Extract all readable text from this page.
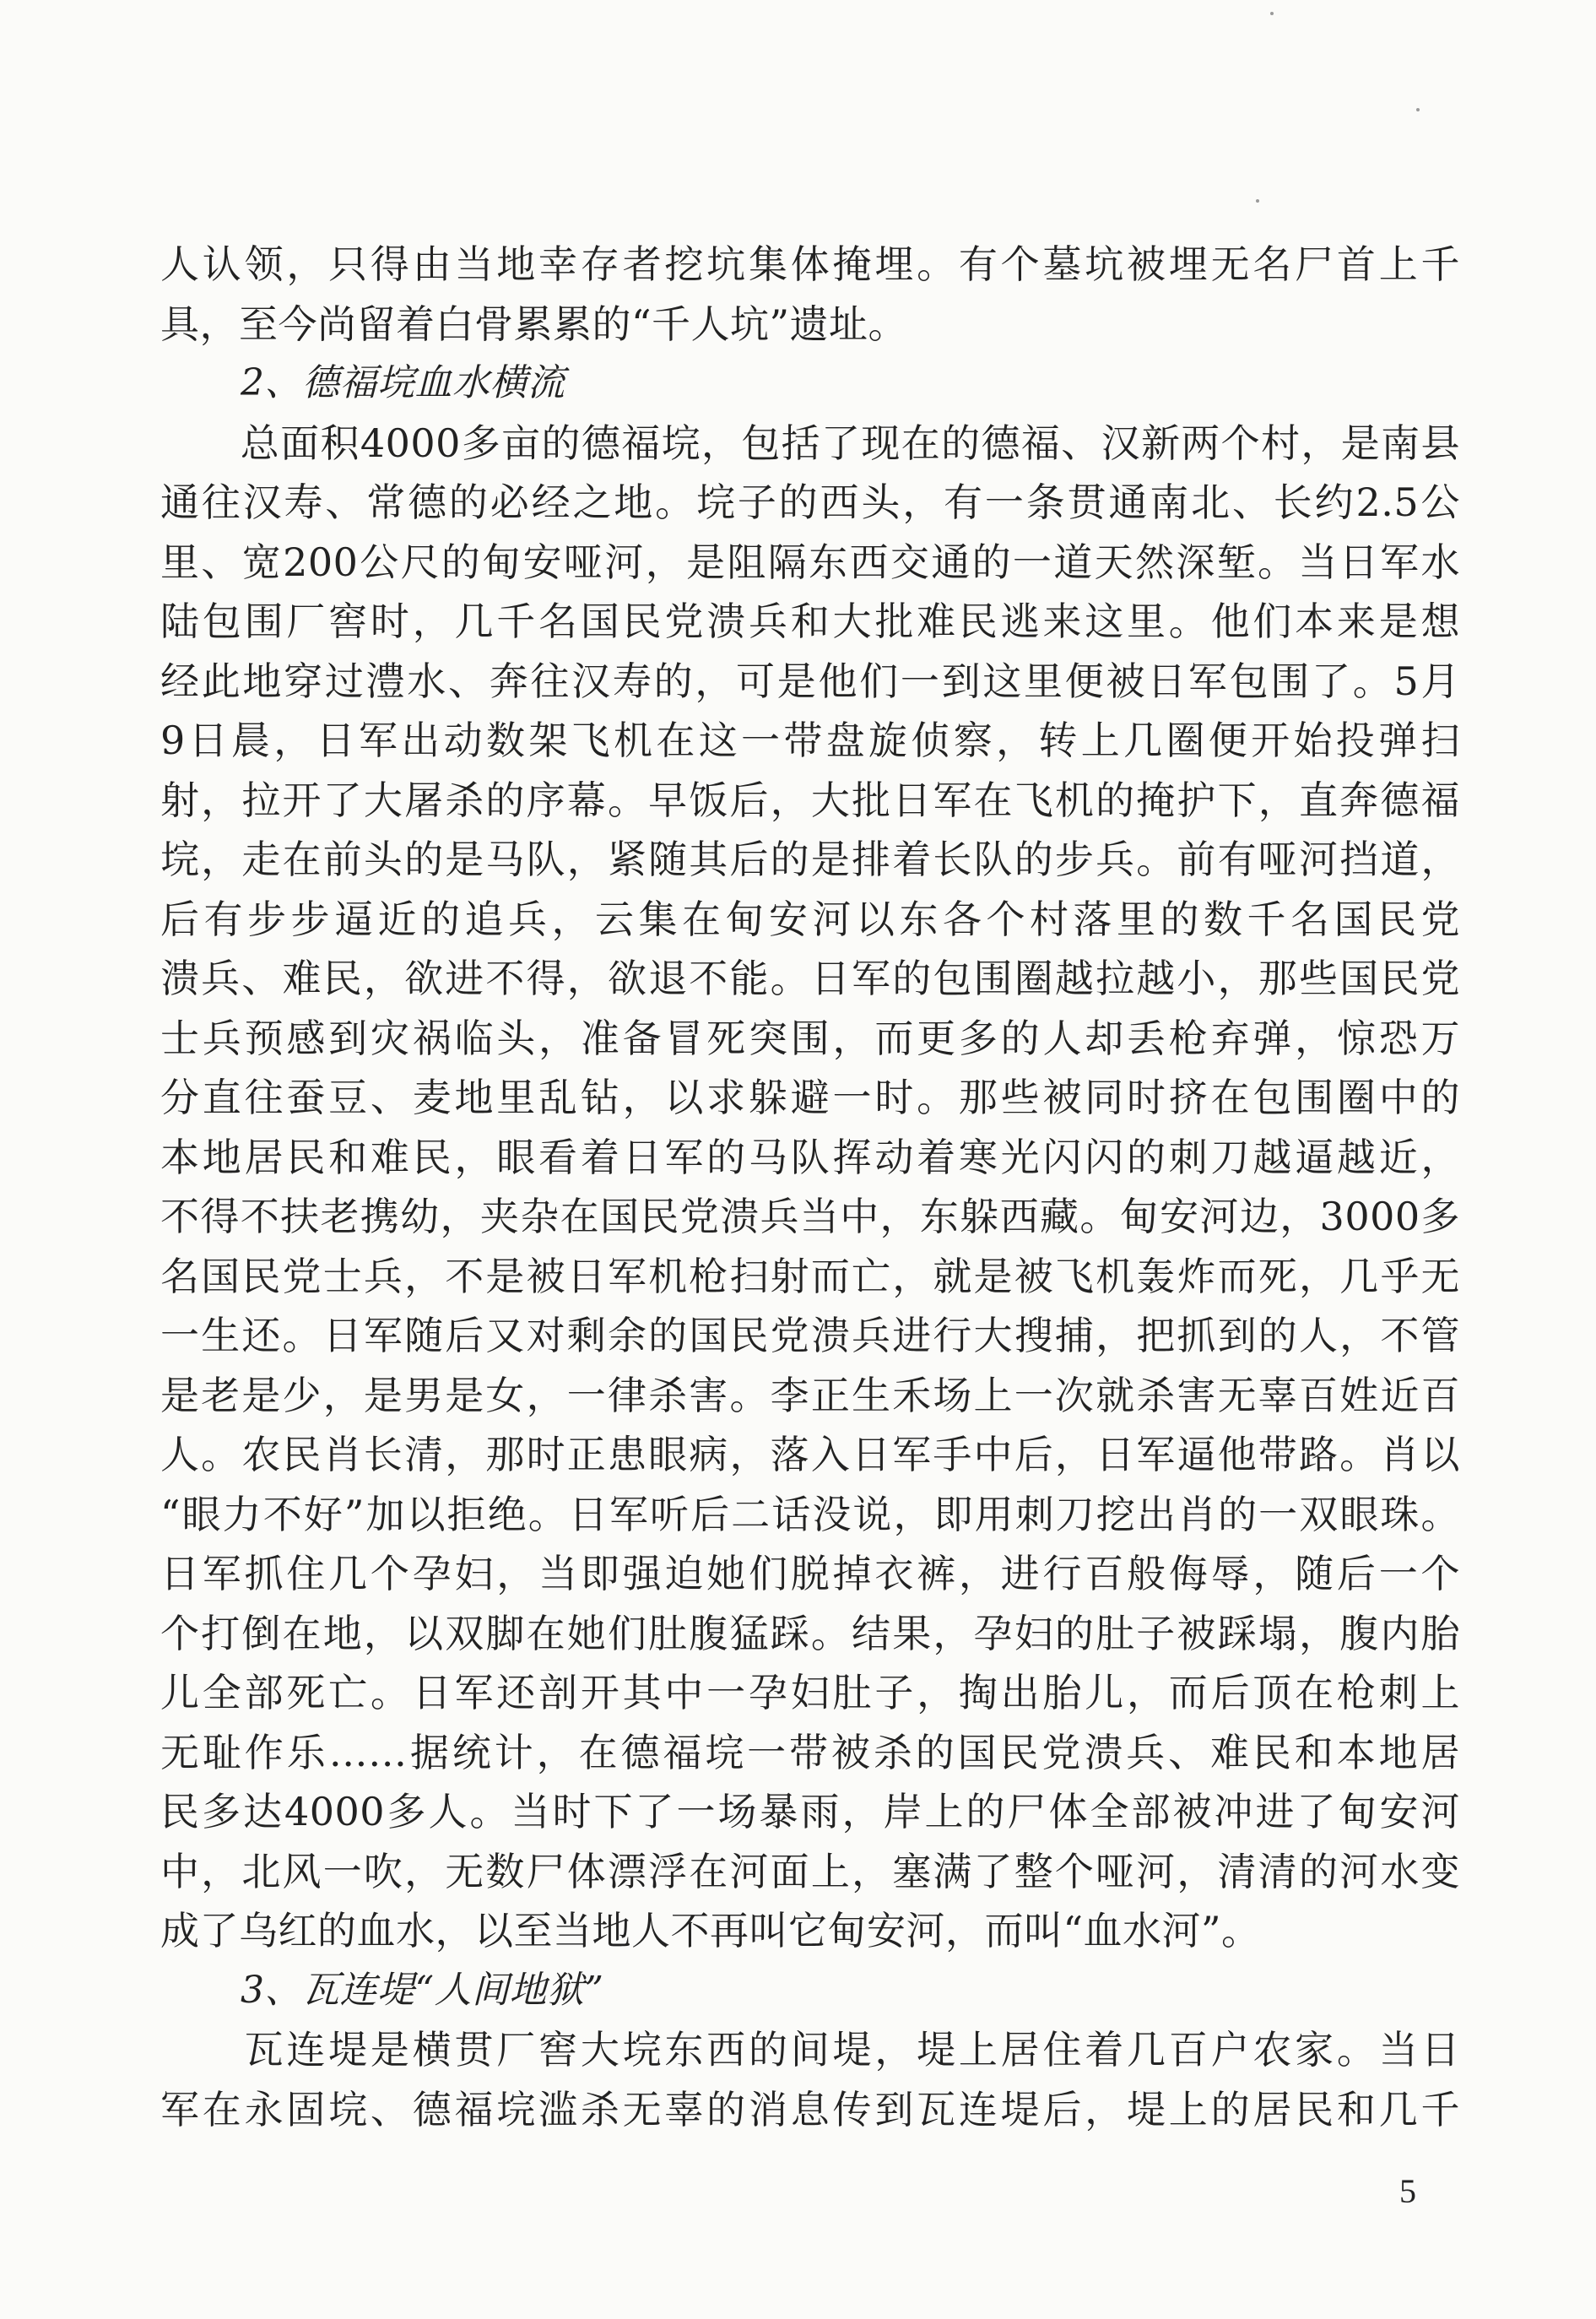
人认领，只得由当地幸存者挖坑集体掩埋。有个墓坑被埋无名尸首上千
具，至今尚留着白骨累累的“千人坑”遗址。
2、德福垸血水横流
　　总面积4000多亩的德福垸，包括了现在的德福、汉新两个村，是南县
通往汉寿、常德的必经之地。垸子的西头，有一条贯通南北、长约2.5公
里、宽200公尺的甸安哑河，是阻隔东西交通的一道天然深堑。当日军水
陆包围厂窖时，几千名国民党溃兵和大批难民逃来这里。他们本来是想
经此地穿过澧水、奔往汉寿的，可是他们一到这里便被日军包围了。5月
9日晨，日军出动数架飞机在这一带盘旋侦察，转上几圈便开始投弹扫
射，拉开了大屠杀的序幕。早饭后，大批日军在飞机的掩护下，直奔德福
垸，走在前头的是马队，紧随其后的是排着长队的步兵。前有哑河挡道，
后有步步逼近的追兵，云集在甸安河以东各个村落里的数千名国民党
溃兵、难民，欲进不得，欲退不能。日军的包围圈越拉越小，那些国民党
士兵预感到灾祸临头，准备冒死突围，而更多的人却丢枪弃弹，惊恐万
分直往蚕豆、麦地里乱钻，以求躲避一时。那些被同时挤在包围圈中的
本地居民和难民，眼看着日军的马队挥动着寒光闪闪的刺刀越逼越近，
不得不扶老携幼，夹杂在国民党溃兵当中，东躲西藏。甸安河边，3000多
名国民党士兵，不是被日军机枪扫射而亡，就是被飞机轰炸而死，几乎无
一生还。日军随后又对剩余的国民党溃兵进行大搜捕，把抓到的人，不管
是老是少，是男是女，一律杀害。李正生禾场上一次就杀害无辜百姓近百
人。农民肖长清，那时正患眼病，落入日军手中后，日军逼他带路。肖以
“眼力不好”加以拒绝。日军听后二话没说，即用刺刀挖出肖的一双眼珠。
日军抓住几个孕妇，当即强迫她们脱掉衣裤，进行百般侮辱，随后一个
个打倒在地，以双脚在她们肚腹猛踩。结果，孕妇的肚子被踩塌，腹内胎
儿全部死亡。日军还剖开其中一孕妇肚子，掏出胎儿，而后顶在枪刺上
无耻作乐……据统计，在德福垸一带被杀的国民党溃兵、难民和本地居
民多达4000多人。当时下了一场暴雨，岸上的尸体全部被冲进了甸安河
中，北风一吹，无数尸体漂浮在河面上，塞满了整个哑河，清清的河水变
成了乌红的血水，以至当地人不再叫它甸安河，而叫“血水河”。
3、瓦连堤“人间地狱”
　　瓦连堤是横贯厂窖大垸东西的间堤，堤上居住着几百户农家。当日
军在永固垸、德福垸滥杀无辜的消息传到瓦连堤后，堤上的居民和几千
5
